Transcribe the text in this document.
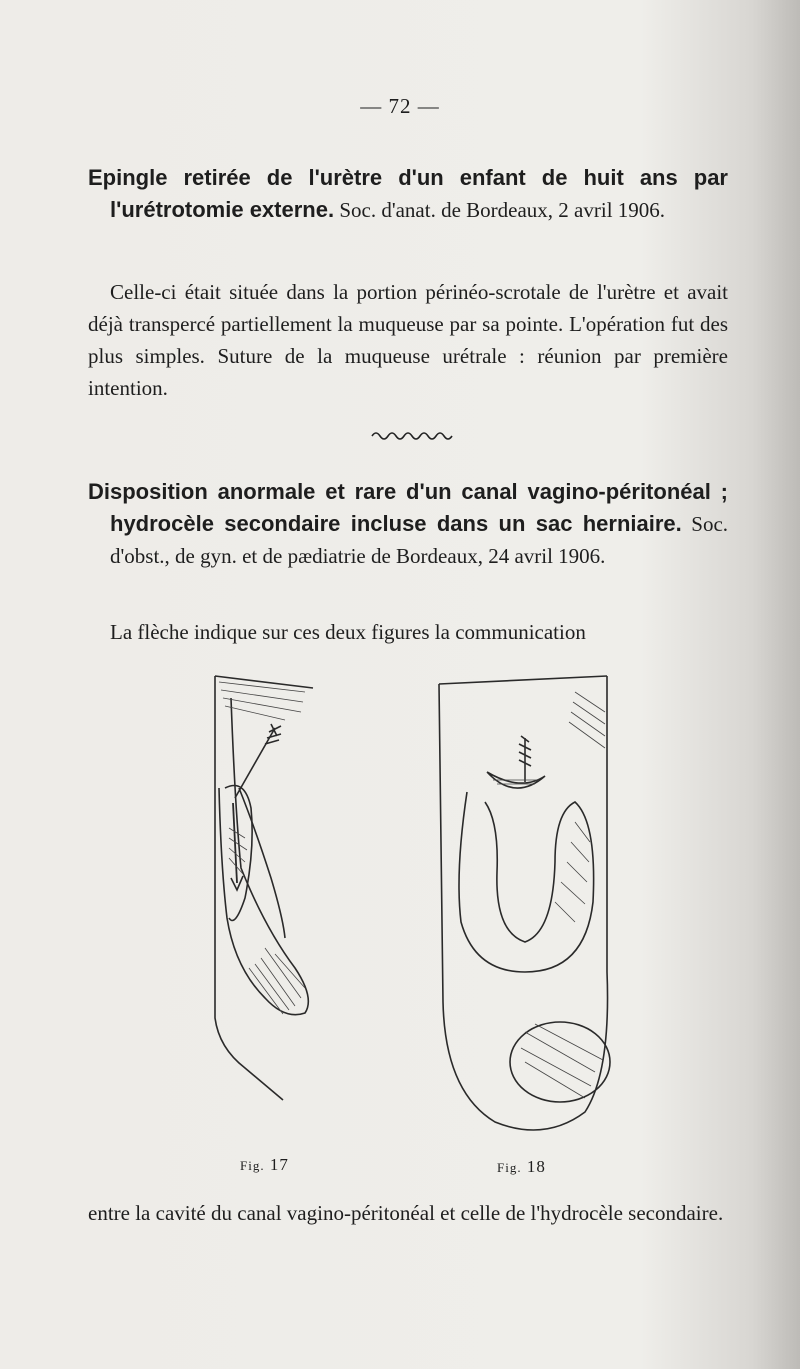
— 72 —

Epingle retirée de l'urètre d'un enfant de huit ans par l'urétrotomie externe. Soc. d'anat. de Bordeaux, 2 avril 1906.

Celle-ci était située dans la portion périnéo-scrotale de l'urètre et avait déjà transpercé partiellement la muqueuse par sa pointe. L'opération fut des plus simples. Suture de la muqueuse urétrale : réunion par première intention.

Disposition anormale et rare d'un canal vagino-péritonéal ; hydrocèle secondaire incluse dans un sac herniaire. Soc. d'obst., de gyn. et de pædiatrie de Bordeaux, 24 avril 1906.

La flèche indique sur ces deux figures la communication

Fig. 17	Fig. 18

entre la cavité du canal vagino-péritonéal et celle de l'hydrocèle secondaire.
